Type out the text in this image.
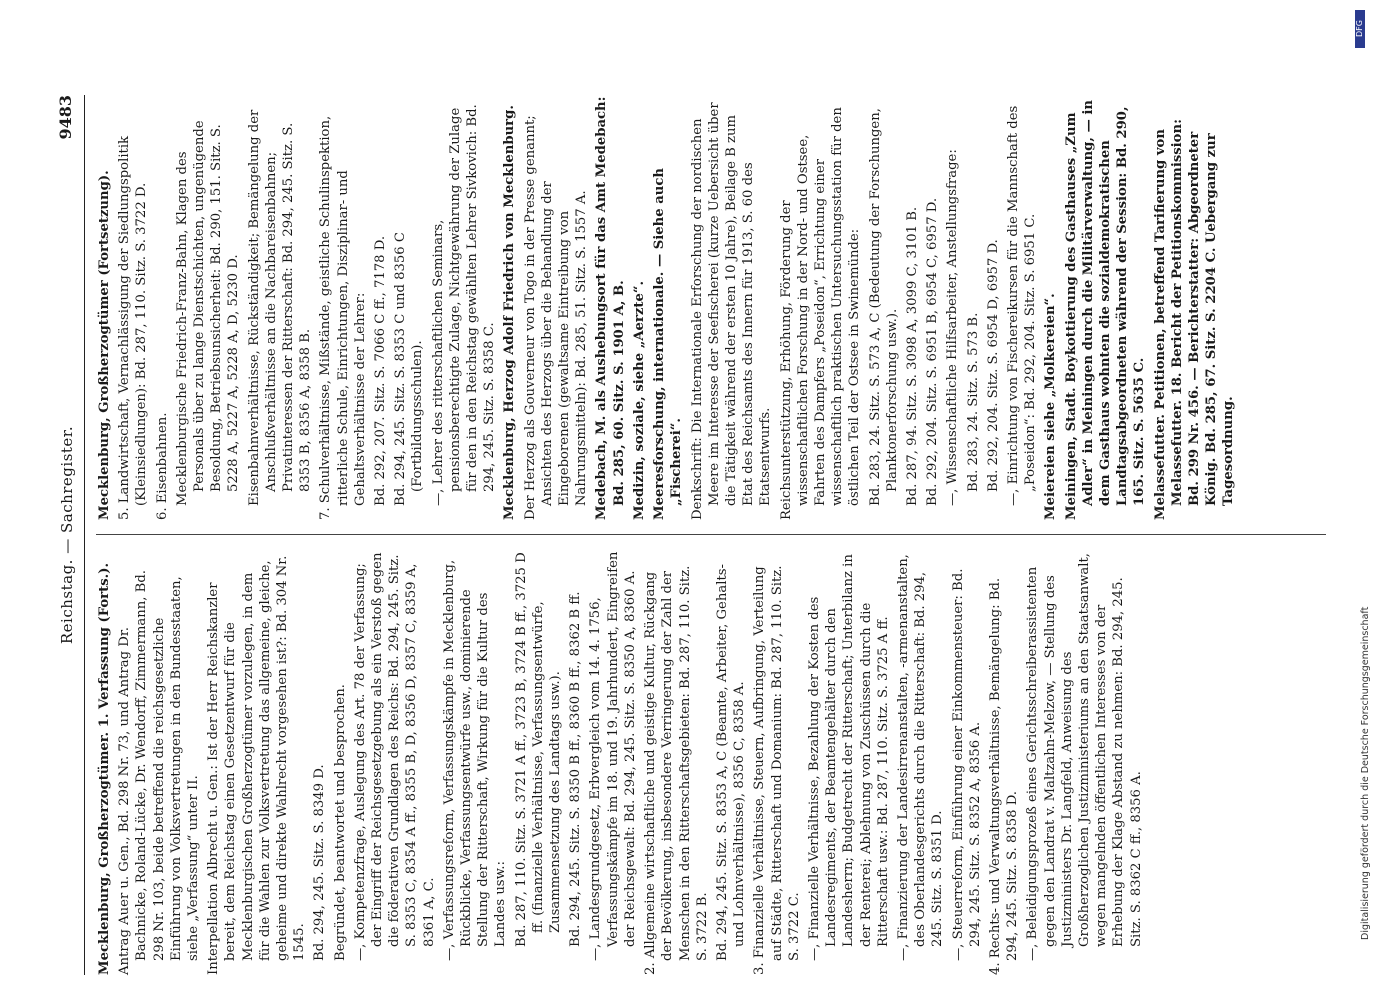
DFG
Digitalisierung gefördert durch die Deutsche Forschungsgemeinschaft
Reichstag. — Sachregister.
9483
Mecklenburg, Großherzogtümer. 1. Verfassung (Forts.). Antrag Auer u. Gen., Bd. 298 Nr. 73, und Antrag Dr. Bachnicke, Roland-Lücke, Dr. Wendorff, Zimmermann, Bd. 298 Nr. 103, beide betreffend die reichsgesetzliche Einführung von Volksvertretungen in den Bundesstaaten, siehe „Verfassung“ unter II. Interpellation Albrecht u. Gen.: Ist der Herr Reichskanzler bereit, dem Reichstag einen Gesetzentwurf für die Mecklenburgischen Großherzogtümer vorzulegen, in dem für die Wahlen zur Volksvertretung das allgemeine, gleiche, geheime und direkte Wahlrecht vorgesehen ist?: Bd. 304 Nr. 1545. Bd. 294, 245. Sitz. S. 8349 D. Begründet, beantwortet und besprochen. —, Kompetenzfrage, Auslegung des Art. 78 der Verfassung; der Eingriff der Reichsgesetzgebung als ein Verstoß gegen die föderativen Grundlagen des Reichs: Bd. 294, 245. Sitz. S. 8353 C, 8354 A ff., 8355 B, D, 8356 D, 8357 C, 8359 A, 8361 A, C. —, Verfassungsreform, Verfassungskämpfe in Mecklenburg, Rückblicke, Verfassungsentwürfe usw., dominierende Stellung der Ritterschaft, Wirkung für die Kultur des Landes usw.: Bd. 287, 110. Sitz. S. 3721 A ff., 3723 B, 3724 B ff., 3725 D ff. (finanzielle Verhältnisse, Verfassungsentwürfe, Zusammensetzung des Landtags usw.). Bd. 294, 245. Sitz. S. 8350 B ff., 8360 B ff., 8362 B ff. —, Landesgrundgesetz, Erbvergleich vom 14. 4. 1756, Verfassungskämpfe im 18. und 19. Jahrhundert, Eingreifen der Reichsgewalt: Bd. 294, 245. Sitz. S. 8350 A, 8360 A. 2. Allgemeine wirtschaftliche und geistige Kultur, Rückgang der Bevölkerung, insbesondere Verringerung der Zahl der Menschen in den Ritterschaftsgebieten: Bd. 287, 110. Sitz. S. 3722 B. Bd. 294, 245. Sitz. S. 8353 A, C (Beamte, Arbeiter, Gehalts- und Lohnverhältnisse), 8356 C, 8358 A. 3. Finanzielle Verhältnisse, Steuern, Aufbringung, Verteilung auf Städte, Ritterschaft und Domanium: Bd. 287, 110. Sitz. S. 3722 C. —, Finanzielle Verhältnisse, Bezahlung der Kosten des Landesregiments, der Beamtengehälter durch den Landesherrn; Budgetrecht der Ritterschaft; Unterbilanz in der Renterei; Ablehnung von Zuschüssen durch die Ritterschaft usw.: Bd. 287, 110. Sitz. S. 3725 A ff. —, Finanzierung der Landesirrenanstalten, -armenanstalten, des Oberlandesgerichts durch die Ritterschaft: Bd. 294, 245. Sitz. S. 8351 D. —, Steuerreform, Einführung einer Einkommensteuer: Bd. 294, 245. Sitz. S. 8352 A, 8356 A. 4. Rechts- und Verwaltungsverhältnisse, Bemängelung: Bd. 294, 245. Sitz. S. 8358 D. —, Beleidigungsprozeß eines Gerichtsschreiberassistenten gegen den Landrat v. Maltzahn-Melzow, — Stellung des Justizministers Dr. Langfeld, Anweisung des Großherzoglichen Justizministeriums an den Staatsanwalt, wegen mangelnden öffentlichen Interesses von der Erhebung der Klage Abstand zu nehmen: Bd. 294, 245. Sitz. S. 8362 C ff., 8356 A.
Mecklenburg, Großherzogtümer (Fortsetzung). 5. Landwirtschaft, Vernachlässigung der Siedlungspolitik (Kleinsiedlungen): Bd. 287, 110. Sitz. S. 3722 D. 6. Eisenbahnen. Mecklenburgische Friedrich-Franz-Bahn, Klagen des Personals über zu lange Dienstschichten, ungenügende Besoldung, Betriebsunsicherheit: Bd. 290, 151. Sitz. S. 5228 A, 5227 A, 5228 A, D, 5230 D. Eisenbahnverhältnisse, Rückständigkeit; Bemängelung der Anschlußverhältnisse an die Nachbareisenbahnen; Privatinteressen der Ritterschaft: Bd. 294, 245. Sitz. S. 8353 B, 8356 A, 8358 B. 7. Schulverhältnisse, Mißstände, geistliche Schulinspektion, ritterliche Schule, Einrichtungen, Disziplinar- und Gehaltsverhältnisse der Lehrer: Bd. 292, 207. Sitz. S. 7066 C ff., 7178 D. Bd. 294, 245. Sitz. S. 8353 C und 8356 C (Fortbildungsschulen). —, Lehrer des ritterschaftlichen Seminars, pensionsberechtigte Zulage, Nichtgewährung der Zulage für den in den Reichstag gewählten Lehrer Sivkovich: Bd. 294, 245. Sitz. S. 8358 C. Mecklenburg, Herzog Adolf Friedrich von Mecklenburg. Der Herzog als Gouverneur von Togo in der Presse genannt; Ansichten des Herzogs über die Behandlung der Eingeborenen (gewaltsame Eintreibung von Nahrungsmitteln): Bd. 285, 51. Sitz. S. 1557 A. Medebach, M. als Aushebungsort für das Amt Medebach: Bd. 285, 60. Sitz. S. 1901 A, B. Medizin, soziale, siehe „Aerzte“. Meeresforschung, internationale. — Siehe auch „Fischerei“. Denkschrift: Die Internationale Erforschung der nordischen Meere im Interesse der Seefischerei (kurze Uebersicht über die Tätigkeit während der ersten 10 Jahre), Beilage B zum Etat des Reichsamts des Innern für 1913, S. 60 des Etatsentwurfs. Reichsunterstützung, Erhöhung, Förderung der wissenschaftlichen Forschung in der Nord- und Ostsee, Fahrten des Dampfers „Poseidon“, Errichtung einer wissenschaftlich praktischen Untersuchungsstation für den östlichen Teil der Ostsee in Swinemünde: Bd. 283, 24. Sitz. S. 573 A, C (Bedeutung der Forschungen, Planktonerforschung usw.). Bd. 287, 94. Sitz. S. 3098 A, 3099 C, 3101 B. Bd. 292, 204. Sitz. S. 6951 B, 6954 C, 6957 D. —, Wissenschaftliche Hilfsarbeiter, Anstellungsfrage: Bd. 283, 24. Sitz. S. 573 B. Bd. 292, 204. Sitz. S. 6954 D, 6957 D. —, Einrichtung von Fischereikursen für die Mannschaft des „Poseidon“: Bd. 292, 204. Sitz. S. 6951 C. Meiereien siehe „Molkereien“. Meiningen, Stadt. Boykottierung des Gasthauses „Zum Adler“ in Meiningen durch die Militärverwaltung, — in dem Gasthaus wohnten die sozialdemokratischen Landtagsabgeordneten während der Session: Bd. 290, 165. Sitz. S. 5635 C. Melassefutter. Petitionen, betreffend Tarifierung von Melassefutter. 18. Bericht der Petitionskommission: Bd. 299 Nr. 456. — Berichterstatter: Abgeordneter König. Bd. 285, 67. Sitz. S. 2204 C. Uebergang zur Tagesordnung.
